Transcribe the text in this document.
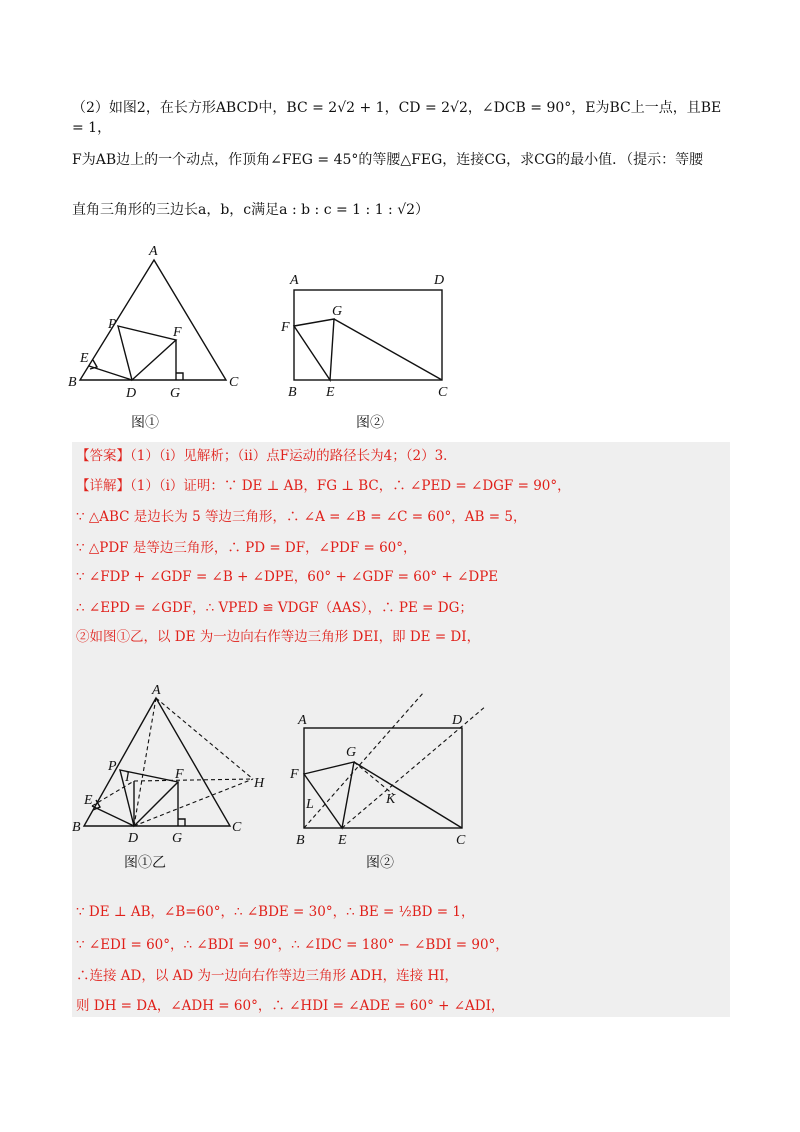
（2）如图2，在长方形ABCD中，BC = 2√2 + 1，CD = 2√2，∠DCB = 90°，E为BC上一点，且BE = 1，
F为AB边上的一个动点，作顶角∠FEG = 45°的等腰△FEG，连接CG，求CG的最小值．（提示：等腰
直角三角形的三边长a，b，c满足a : b : c = 1 : 1 : √2）
A
B	C
D
E
F
G
P
图①
A	D
F
G
B E	C
图②
【答案】（1）（i）见解析；（ii）点F运动的路径长为4；（2）3．
【详解】（1）（i）证明：∵ DE ⊥ AB，FG ⊥ BC，∴ ∠PED = ∠DGF = 90°，
∵ △ABC 是边长为 5 等边三角形，∴ ∠A = ∠B = ∠C = 60°，AB = 5，
∵ △PDF 是等边三角形，∴ PD = DF，∠PDF = 60°，
∵ ∠FDP + ∠GDF = ∠B + ∠DPE，60° + ∠GDF = 60° + ∠DPE
∴ ∠EPD = ∠GDF，∴ VPED ≌ VDGF（AAS），∴ PE = DG；
②如图①乙，以 DE 为一边向右作等边三角形 DEI，即 DE = DI，
A
P
I	F
H
E
B	C
D G
图①乙
A	D
G
F
K
L
B E	C
图②
∵ DE ⊥ AB，∠B=60°，∴ ∠BDE = 30°，∴ BE = ½BD = 1，
∵ ∠EDI = 60°，∴ ∠BDI = 90°，∴ ∠IDC = 180° − ∠BDI = 90°，
∴连接 AD，以 AD 为一边向右作等边三角形 ADH，连接 HI，
则 DH = DA，∠ADH = 60°，∴ ∠HDI = ∠ADE = 60° + ∠ADI，
